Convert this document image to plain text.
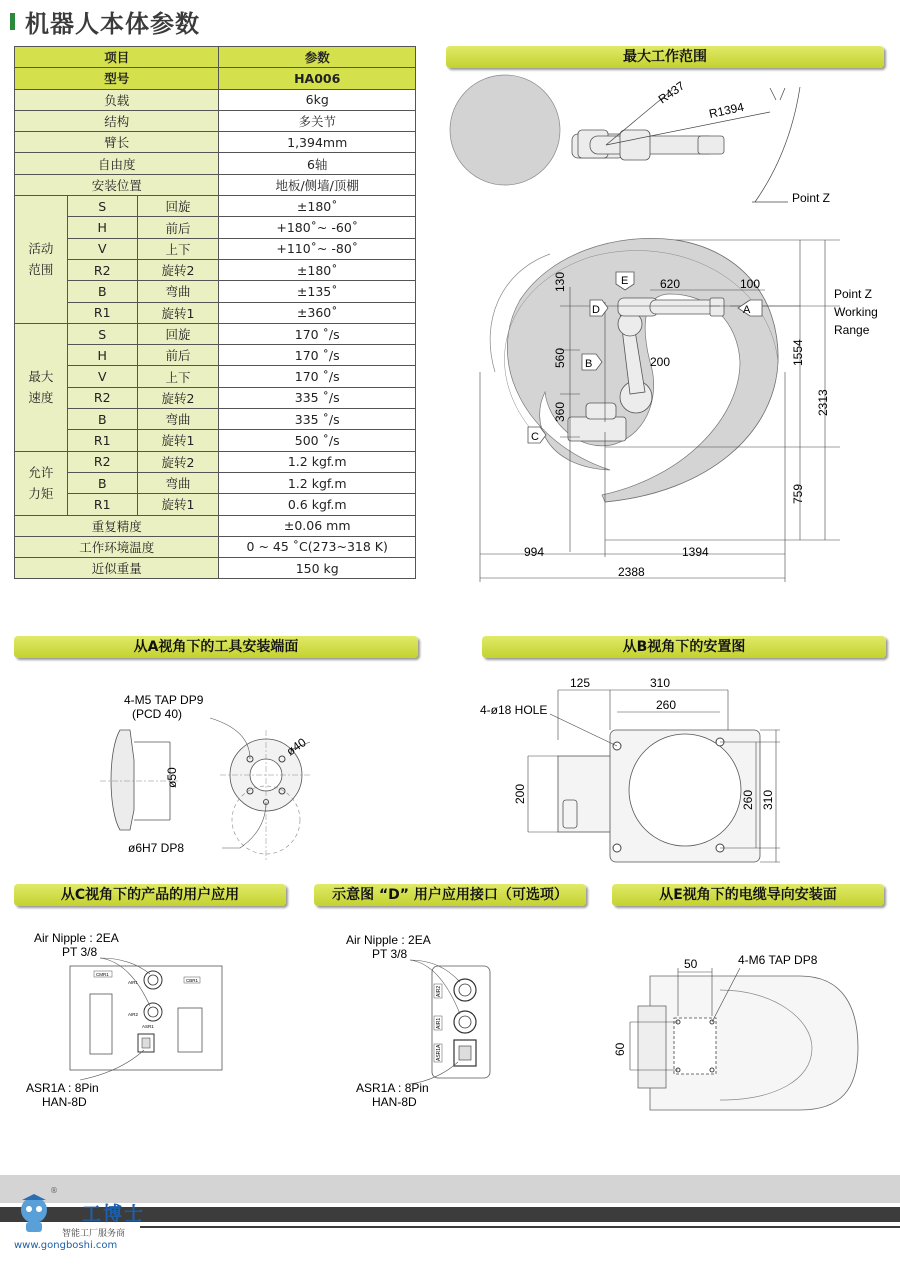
机器人本体参数
项目			参数
型号			HA006
负载			6kg
结构			多关节
臂长			1,394mm
自由度			6轴
安装位置			地板/侧墙/顶棚
活动
范围	S	回旋	±180˚
	H	前后	+180˚~ -60˚
	V	上下	+110˚~ -80˚
	R2	旋转2	±180˚
	B	弯曲	±135˚
	R1	旋转1	±360˚
最大
速度	S	回旋	170 ˚/s
	H	前后	170 ˚/s
	V	上下	170 ˚/s
	R2	旋转2	335 ˚/s
	B	弯曲	335 ˚/s
	R1	旋转1	500 ˚/s
允许
力矩	R2	旋转2	1.2 kgf.m
	B	弯曲	1.2 kgf.m
	R1	旋转1	0.6 kgf.m
重复精度			±0.06 mm
工作环境温度			0 ~ 45 ˚C(273~318 K)
近似重量			150 kg
最大工作范围
从A视角下的工具安装端面	从B视角下的安置图
从C视角下的产品的用户应用	示意图 “D” 用户应用接口（可选项）	从E视角下的电缆导向安装面
R437
R1394
Point Z
130	620	100
560	200
360
1554
2313
759
994	1394
2388
Point Z
Working
Range
E
D	A
B
C
ø50
ø40
4-M5 TAP DP9
(PCD 40)
ø6H7 DP8
125	310
260
4-ø18 HOLE
200	260 310
CMR1
CBR1
AIR1
AIR2
ASR1
Air Nipple : 2EA
PT 3/8
ASR1A : 8Pin
HAN-8D
AIR2
AIR1
ASR1A
Air Nipple : 2EA
PT 3/8
ASR1A : 8Pin
HAN-8D
50	4-M6 TAP DP8
60
®
工博士
智能工厂服务商
www.gongboshi.com
